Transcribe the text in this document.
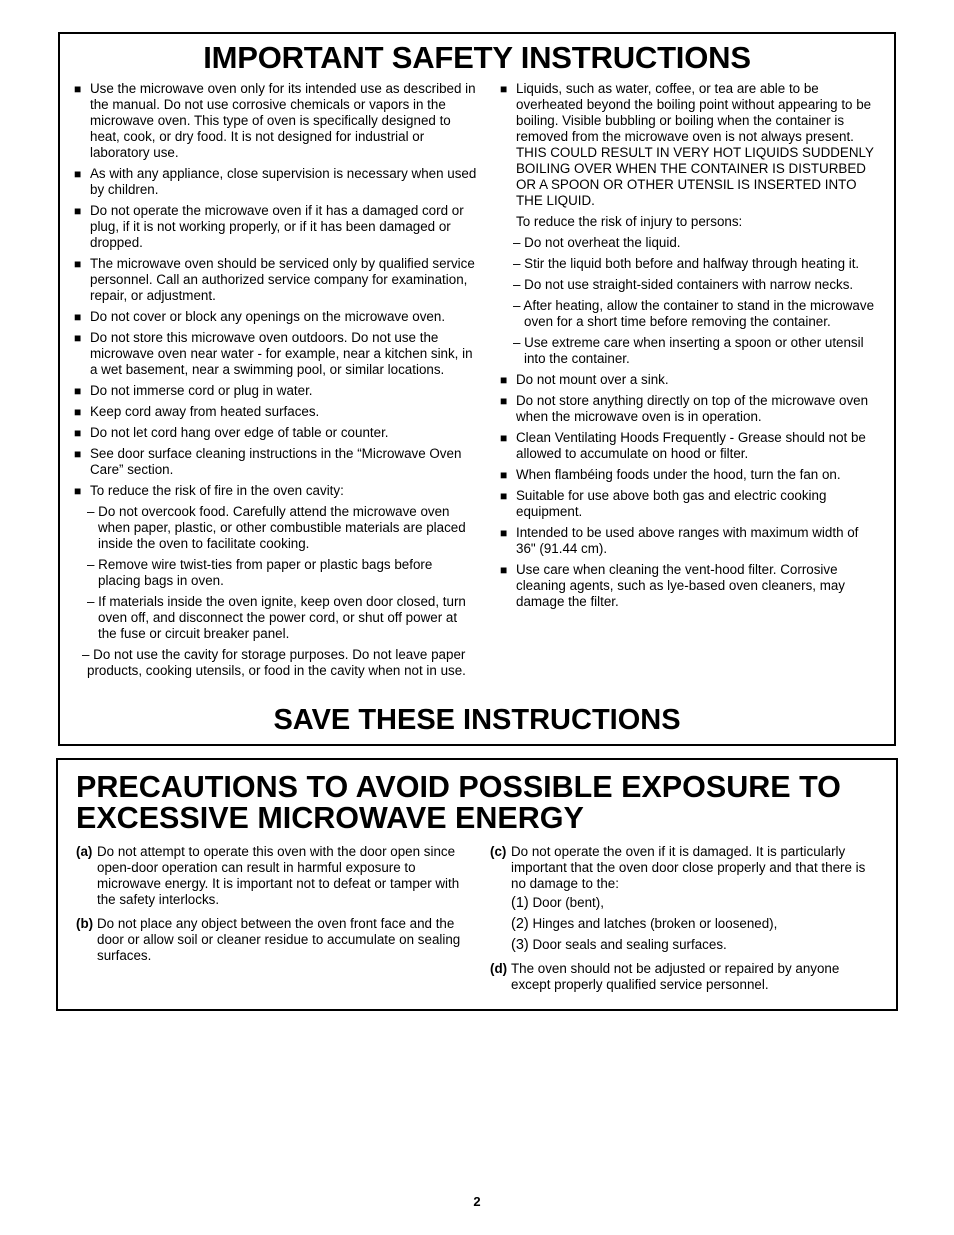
IMPORTANT SAFETY INSTRUCTIONS
■ Use the microwave oven only for its intended use as described in the manual. Do not use corrosive chemicals or vapors in the microwave oven. This type of oven is specifically designed to heat, cook, or dry food. It is not designed for industrial or laboratory use.
■ As with any appliance, close supervision is necessary when used by children.
■ Do not operate the microwave oven if it has a damaged cord or plug, if it is not working properly, or if it has been damaged or dropped.
■ The microwave oven should be serviced only by qualified service personnel. Call an authorized service company for examination, repair, or adjustment.
■ Do not cover or block any openings on the microwave oven.
■ Do not store this microwave oven outdoors. Do not use the microwave oven near water - for example, near a kitchen sink, in a wet basement, near a swimming pool, or similar locations.
■ Do not immerse cord or plug in water.
■ Keep cord away from heated surfaces.
■ Do not let cord hang over edge of table or counter.
■ See door surface cleaning instructions in the “Microwave Oven Care” section.
■ To reduce the risk of fire in the oven cavity:
– Do not overcook food. Carefully attend the microwave oven when paper, plastic, or other combustible materials are placed inside the oven to facilitate cooking.
– Remove wire twist-ties from paper or plastic bags before placing bags in oven.
– If materials inside the oven ignite, keep oven door closed, turn oven off, and disconnect the power cord, or shut off power at the fuse or circuit breaker panel.
– Do not use the cavity for storage purposes. Do not leave paper products, cooking utensils, or food in the cavity when not in use.
■ Liquids, such as water, coffee, or tea are able to be overheated beyond the boiling point without appearing to be boiling. Visible bubbling or boiling when the container is removed from the microwave oven is not always present. THIS COULD RESULT IN VERY HOT LIQUIDS SUDDENLY BOILING OVER WHEN THE CONTAINER IS DISTURBED OR A SPOON OR OTHER UTENSIL IS INSERTED INTO THE LIQUID.
To reduce the risk of injury to persons:
– Do not overheat the liquid.
– Stir the liquid both before and halfway through heating it.
– Do not use straight-sided containers with narrow necks.
– After heating, allow the container to stand in the microwave oven for a short time before removing the container.
– Use extreme care when inserting a spoon or other utensil into the container.
■ Do not mount over a sink.
■ Do not store anything directly on top of the microwave oven when the microwave oven is in operation.
■ Clean Ventilating Hoods Frequently - Grease should not be allowed to accumulate on hood or filter.
■ When flambéing foods under the hood, turn the fan on.
■ Suitable for use above both gas and electric cooking equipment.
■ Intended to be used above ranges with maximum width of 36" (91.44 cm).
■ Use care when cleaning the vent-hood filter. Corrosive cleaning agents, such as lye-based oven cleaners, may damage the filter.
SAVE THESE INSTRUCTIONS
PRECAUTIONS TO AVOID POSSIBLE EXPOSURE TO EXCESSIVE MICROWAVE ENERGY
(a) Do not attempt to operate this oven with the door open since open-door operation can result in harmful exposure to microwave energy. It is important not to defeat or tamper with the safety interlocks.
(b) Do not place any object between the oven front face and the door or allow soil or cleaner residue to accumulate on sealing surfaces.
(c) Do not operate the oven if it is damaged. It is particularly important that the oven door close properly and that there is no damage to the:
(1) Door (bent),
(2) Hinges and latches (broken or loosened),
(3) Door seals and sealing surfaces.
(d) The oven should not be adjusted or repaired by anyone except properly qualified service personnel.
2
